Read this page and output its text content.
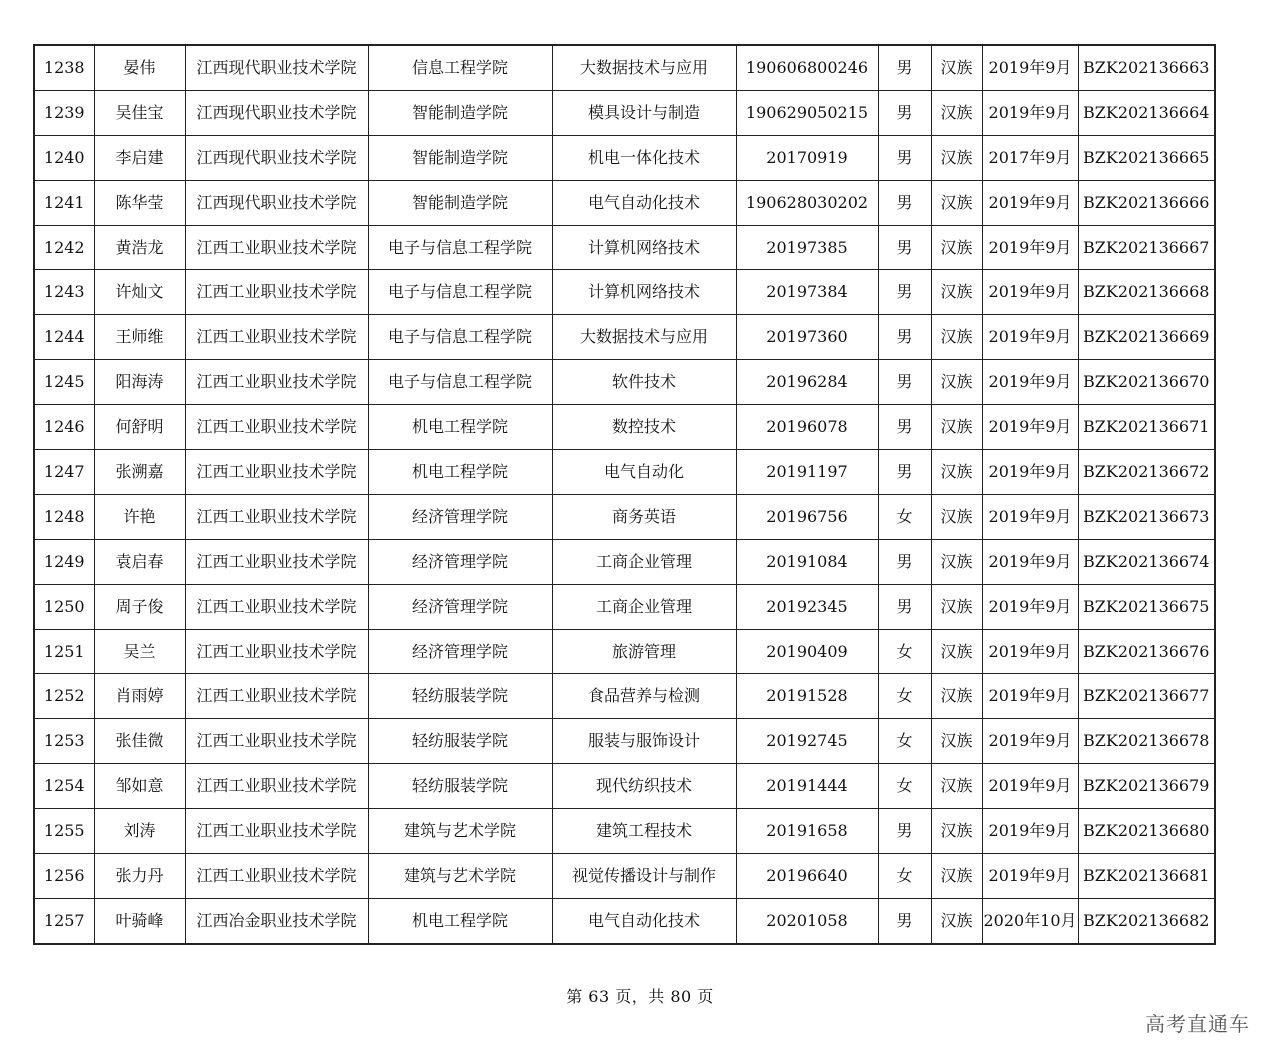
1238	晏伟	江西现代职业技术学院	信息工程学院	大数据技术与应用	190606800246	男	汉族	2019年9月	BZK202136663
1239	吴佳宝	江西现代职业技术学院	智能制造学院	模具设计与制造	190629050215	男	汉族	2019年9月	BZK202136664
1240	李启建	江西现代职业技术学院	智能制造学院	机电一体化技术	20170919	男	汉族	2017年9月	BZK202136665
1241	陈华莹	江西现代职业技术学院	智能制造学院	电气自动化技术	190628030202	男	汉族	2019年9月	BZK202136666
1242	黄浩龙	江西工业职业技术学院	电子与信息工程学院	计算机网络技术	20197385	男	汉族	2019年9月	BZK202136667
1243	许灿文	江西工业职业技术学院	电子与信息工程学院	计算机网络技术	20197384	男	汉族	2019年9月	BZK202136668
1244	王师维	江西工业职业技术学院	电子与信息工程学院	大数据技术与应用	20197360	男	汉族	2019年9月	BZK202136669
1245	阳海涛	江西工业职业技术学院	电子与信息工程学院	软件技术	20196284	男	汉族	2019年9月	BZK202136670
1246	何舒明	江西工业职业技术学院	机电工程学院	数控技术	20196078	男	汉族	2019年9月	BZK202136671
1247	张溯嘉	江西工业职业技术学院	机电工程学院	电气自动化	20191197	男	汉族	2019年9月	BZK202136672
1248	许艳	江西工业职业技术学院	经济管理学院	商务英语	20196756	女	汉族	2019年9月	BZK202136673
1249	袁启春	江西工业职业技术学院	经济管理学院	工商企业管理	20191084	男	汉族	2019年9月	BZK202136674
1250	周子俊	江西工业职业技术学院	经济管理学院	工商企业管理	20192345	男	汉族	2019年9月	BZK202136675
1251	吴兰	江西工业职业技术学院	经济管理学院	旅游管理	20190409	女	汉族	2019年9月	BZK202136676
1252	肖雨婷	江西工业职业技术学院	轻纺服装学院	食品营养与检测	20191528	女	汉族	2019年9月	BZK202136677
1253	张佳微	江西工业职业技术学院	轻纺服装学院	服装与服饰设计	20192745	女	汉族	2019年9月	BZK202136678
1254	邹如意	江西工业职业技术学院	轻纺服装学院	现代纺织技术	20191444	女	汉族	2019年9月	BZK202136679
1255	刘涛	江西工业职业技术学院	建筑与艺术学院	建筑工程技术	20191658	男	汉族	2019年9月	BZK202136680
1256	张力丹	江西工业职业技术学院	建筑与艺术学院	视觉传播设计与制作	20196640	女	汉族	2019年9月	BZK202136681
1257	叶骑峰	江西冶金职业技术学院	机电工程学院	电气自动化技术	20201058	男	汉族	2020年10月	BZK202136682
第 63 页，共 80 页
高考直通车
